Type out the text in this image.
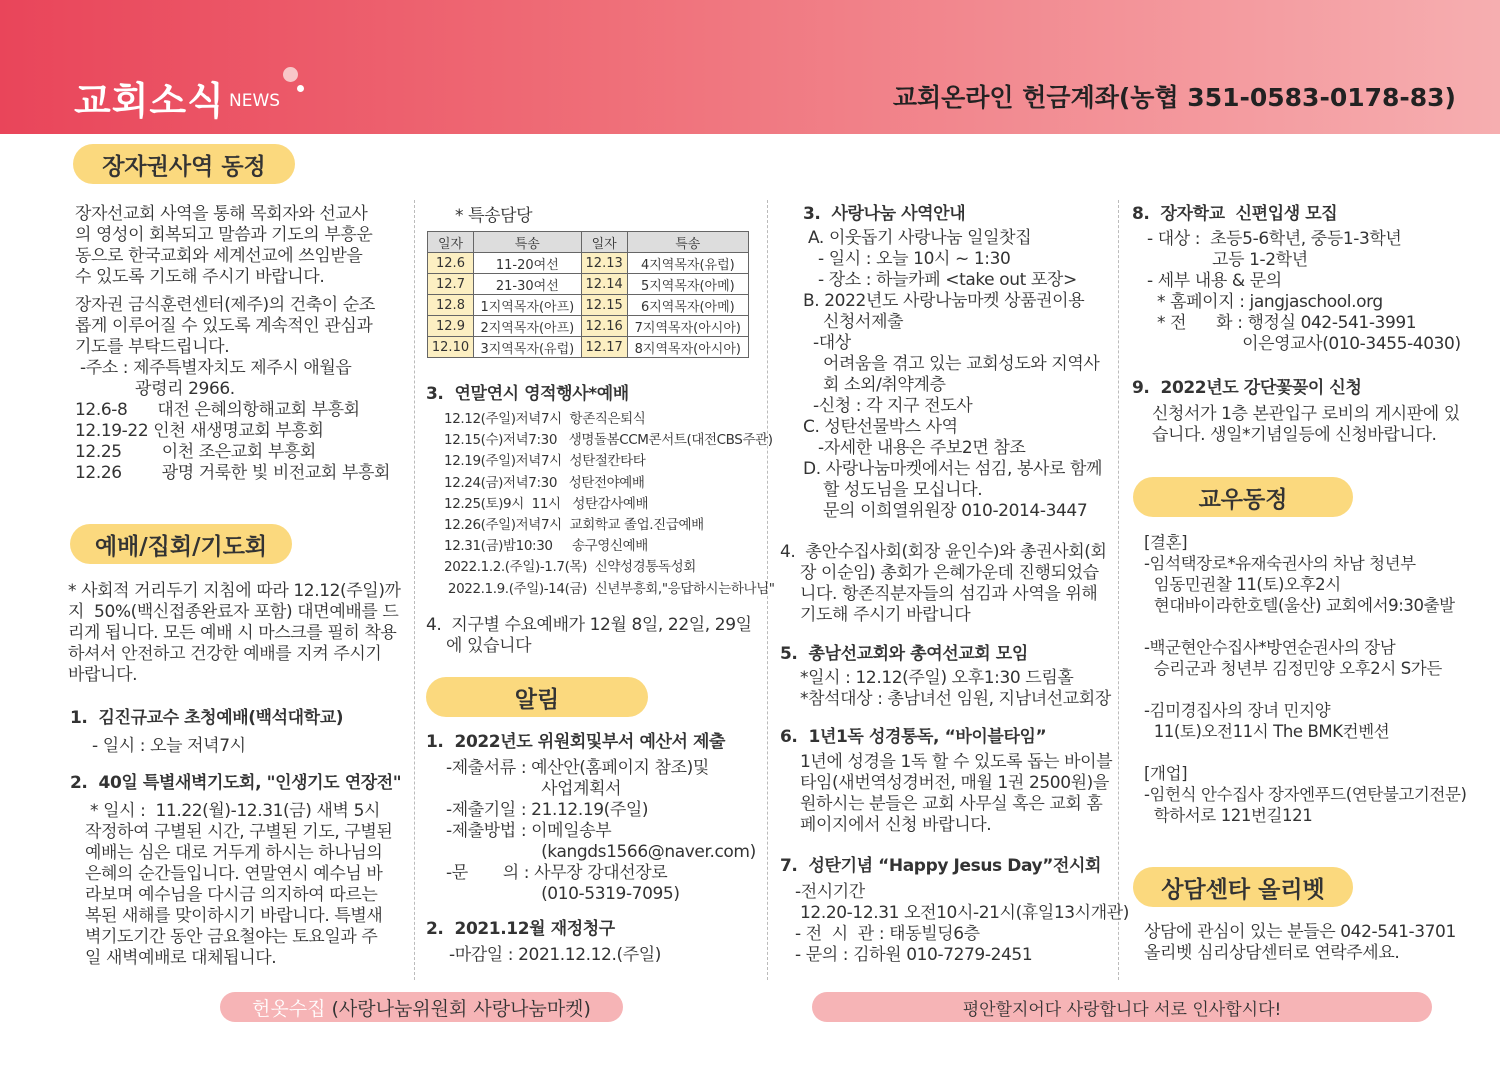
교회소식 NEWS	교회온라인 헌금계좌(농협 351-0583-0178-83)
장자권사역 동정
장자선교회 사역을 통해 목회자와 선교사
의 영성이 회복되고 말씀과 기도의 부흥운
동으로 한국교회와 세계선교에 쓰임받을
수 있도록 기도해 주시기 바랍니다.
장자권 금식훈련센터(제주)의 건축이 순조
롭게 이루어질 수 있도록 계속적인 관심과
기도를 부탁드립니다.
-주소 : 제주특별자치도 제주시 애월읍
광령리 2966.
12.6-8      대전 은혜의항해교회 부흥회
12.19-22 인천 새생명교회 부흥회
12.25        이천 조은교회 부흥회
12.26        광명 거룩한 빛 비전교회 부흥회
예배/집회/기도회
* 사회적 거리두기 지침에 따라 12.12(주일)까
지  50%(백신접종완료자 포함) 대면예배를 드
리게 됩니다. 모든 예배 시 마스크를 필히 착용
하셔서 안전하고 건강한 예배를 지켜 주시기
바랍니다.
1.  김진규교수 초청예배(백석대학교)
- 일시 : 오늘 저녁7시
2.  40일 특별새벽기도회, "인생기도 연장전"
* 일시 :  11.22(월)-12.31(금) 새벽 5시
작정하여 구별된 시간, 구별된 기도, 구별된
예배는 심은 대로 거두게 하시는 하나님의
은혜의 순간들입니다. 연말연시 예수님 바
라보며 예수님을 다시금 의지하여 따르는
복된 새해를 맞이하시기 바랍니다. 특별새
벽기도기간 동안 금요철야는 토요일과 주
일 새벽예배로 대체됩니다.
* 특송담당
일자	특송	일자	특송
12.6	11-20여선	12.13	4지역목자(유럽)
12.7	21-30여선	12.14	5지역목자(아메)
12.8	1지역목자(아프)	12.15	6지역목자(아메)
12.9	2지역목자(아프)	12.16	7지역목자(아시아)
12.10	3지역목자(유럽)	12.17	8지역목자(아시아)
3.  연말연시 영적행사*예배
12.12(주일)저녁7시  항존직은퇴식
12.15(수)저녁7:30   생명돌봄CCM콘서트(대전CBS주관)
12.19(주일)저녁7시  성탄절칸타타
12.24(금)저녁7:30   성탄전야예배
12.25(토)9시  11시   성탄감사예배
12.26(주일)저녁7시  교회학교 졸업.진급예배
12.31(금)밤10:30     송구영신예배
2022.1.2.(주일)-1.7(목)  신약성경통독성회
2022.1.9.(주일)-14(금)  신년부흥회,"응답하시는하나님"
4.  지구별 수요예배가 12월 8일, 22일, 29일
에 있습니다
알림
1.  2022년도 위원회및부서 예산서 제출
-제출서류 : 예산안(홈페이지 참조)및
사업계획서
-제출기일 : 21.12.19(주일)
-제출방법 : 이메일송부
(kangds1566@naver.com)
-문       의 : 사무장 강대선장로
(010-5319-7095)
2.  2021.12월 재정청구
-마감일 : 2021.12.12.(주일)
3.  사랑나눔 사역안내
A. 이웃돕기 사랑나눔 일일찻집
- 일시 : 오늘 10시 ~ 1:30
- 장소 : 하늘카페 <take out 포장>
B. 2022년도 사랑나눔마켓 상품권이용
신청서제출
-대상
어려움을 겪고 있는 교회성도와 지역사
회 소외/취약계층
-신청 : 각 지구 전도사
C. 성탄선물박스 사역
-자세한 내용은 주보2면 참조
D. 사랑나눔마켓에서는 섬김, 봉사로 함께
할 성도님을 모십니다.
문의 이희열위원장 010-2014-3447
4.  총안수집사회(회장 윤인수)와 총권사회(회
장 이순임) 총회가 은혜가운데 진행되었습
니다. 항존직분자들의 섬김과 사역을 위해
기도해 주시기 바랍니다
5.  총남선교회와 총여선교회 모임
*일시 : 12.12(주일) 오후1:30 드림홀
*참석대상 : 총남녀선 임원, 지남녀선교회장
6.  1년1독 성경통독, “바이블타임”
1년에 성경을 1독 할 수 있도록 돕는 바이블
타임(새번역성경버전, 매월 1권 2500원)을
원하시는 분들은 교회 사무실 혹은 교회 홈
페이지에서 신청 바랍니다.
7.  성탄기념 “Happy Jesus Day”전시회
-전시기간
12.20-12.31 오전10시-21시(휴일13시개관)
- 전  시  관 : 태동빌딩6층
- 문의 : 김하원 010-7279-2451
8.  장자학교  신편입생 모집
- 대상 :  초등5-6학년, 중등1-3학년
고등 1-2학년
- 세부 내용 & 문의
* 홈페이지 : jangjaschool.org
* 전      화 : 행정실 042-541-3991
이은영교사(010-3455-4030)
9.  2022년도 강단꽃꽂이 신청
신청서가 1층 본관입구 로비의 게시판에 있
습니다. 생일*기념일등에 신청바랍니다.
교우동정
[결혼]
-임석택장로*유재숙권사의 차남 청년부
임동민권찰 11(토)오후2시
현대바이라한호텔(울산) 교회에서9:30출발

-백군현안수집사*방연순권사의 장남
승리군과 청년부 김정민양 오후2시 S가든

-김미경집사의 장녀 민지양
11(토)오전11시 The BMK컨벤션

[개업]
-임헌식 안수집사 장자엔푸드(연탄불고기전문)
학하서로 121번길121
상담센타 올리벳
상담에 관심이 있는 분들은 042-541-3701
올리벳 심리상담센터로 연락주세요.
헌옷수집 (사랑나눔위원회 사랑나눔마켓)	평안할지어다 사랑합니다 서로 인사합시다!
